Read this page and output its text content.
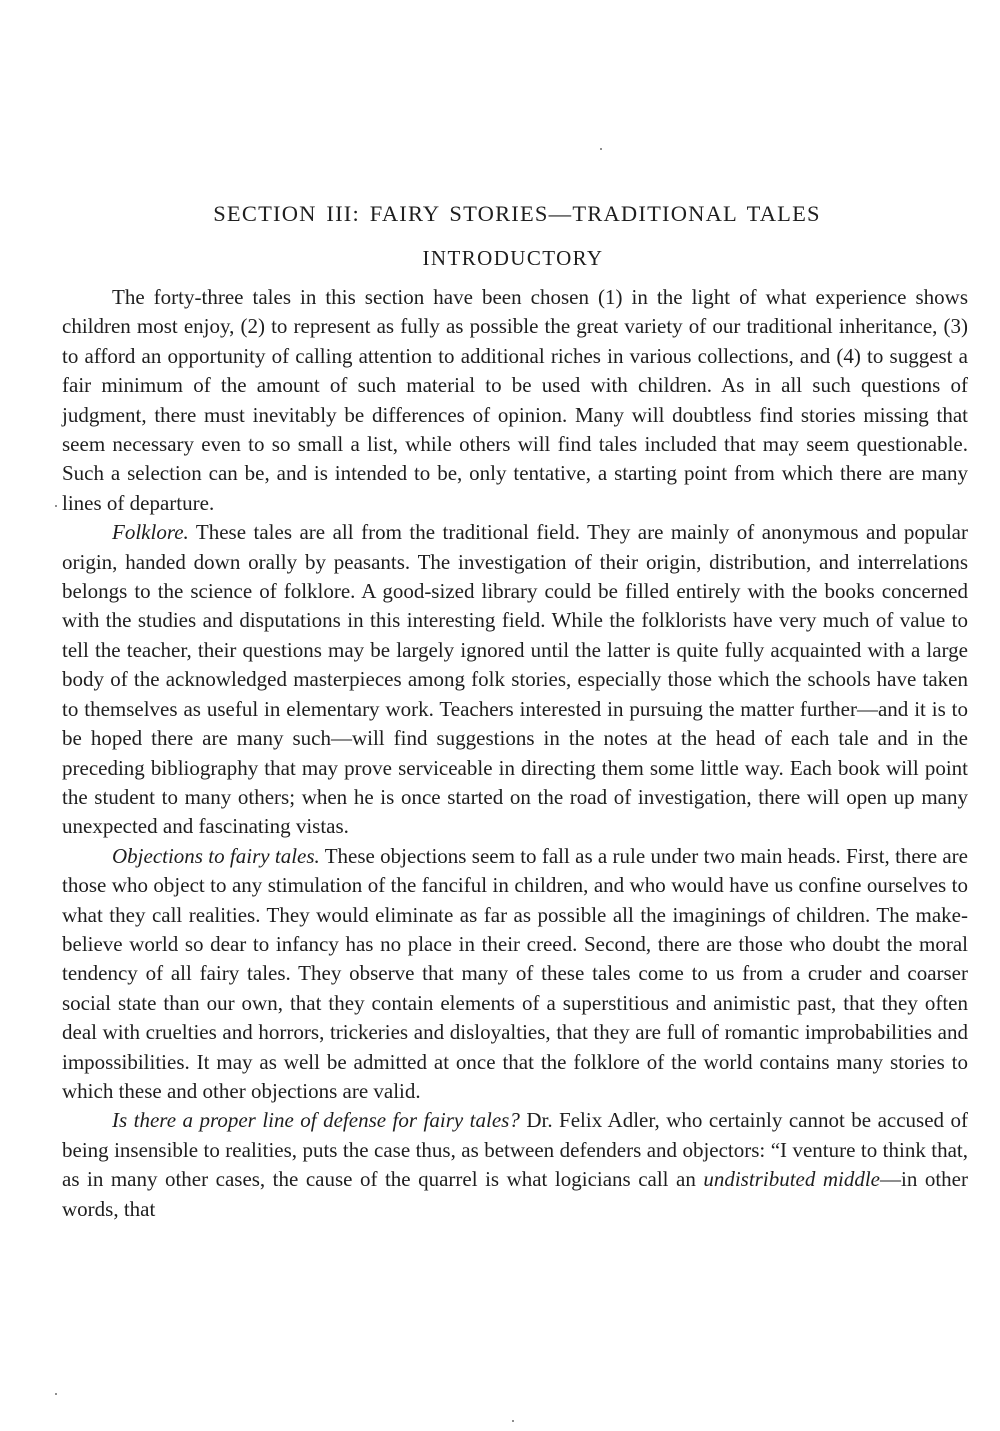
SECTION III: FAIRY STORIES—TRADITIONAL TALES
INTRODUCTORY

The forty-three tales in this section have been chosen (1) in the light of what experience shows children most enjoy, (2) to represent as fully as possible the great variety of our traditional inheritance, (3) to afford an opportunity of calling attention to additional riches in various collections, and (4) to suggest a fair minimum of the amount of such material to be used with children. As in all such questions of judgment, there must inevitably be differences of opinion. Many will doubtless find stories missing that seem necessary even to so small a list, while others will find tales included that may seem questionable. Such a selection can be, and is intended to be, only tentative, a starting point from which there are many lines of departure.

Folklore. These tales are all from the traditional field. They are mainly of anonymous and popular origin, handed down orally by peasants. The investigation of their origin, distribution, and interrelations belongs to the science of folklore. A good-sized library could be filled entirely with the books concerned with the studies and disputations in this interesting field. While the folklorists have very much of value to tell the teacher, their questions may be largely ignored until the latter is quite fully acquainted with a large body of the acknowledged masterpieces among folk stories, especially those which the schools have taken to themselves as useful in elementary work. Teachers interested in pursuing the matter further—and it is to be hoped there are many such—will find suggestions in the notes at the head of each tale and in the preceding bibliography that may prove serviceable in directing them some little way. Each book will point the student to many others; when he is once started on the road of investigation, there will open up many unexpected and fascinating vistas.

Objections to fairy tales. These objections seem to fall as a rule under two main heads. First, there are those who object to any stimulation of the fanciful in children, and who would have us confine ourselves to what they call realities. They would eliminate as far as possible all the imaginings of children. The make-believe world so dear to infancy has no place in their creed. Second, there are those who doubt the moral tendency of all fairy tales. They observe that many of these tales come to us from a cruder and coarser social state than our own, that they contain elements of a superstitious and animistic past, that they often deal with cruelties and horrors, trickeries and disloyalties, that they are full of romantic improbabilities and impossibilities. It may as well be admitted at once that the folklore of the world contains many stories to which these and other objections are valid.

Is there a proper line of defense for fairy tales? Dr. Felix Adler, who certainly cannot be accused of being insensible to realities, puts the case thus, as between defenders and objectors: “I venture to think that, as in many other cases, the cause of the quarrel is what logicians call an undistributed middle—in other words, that
